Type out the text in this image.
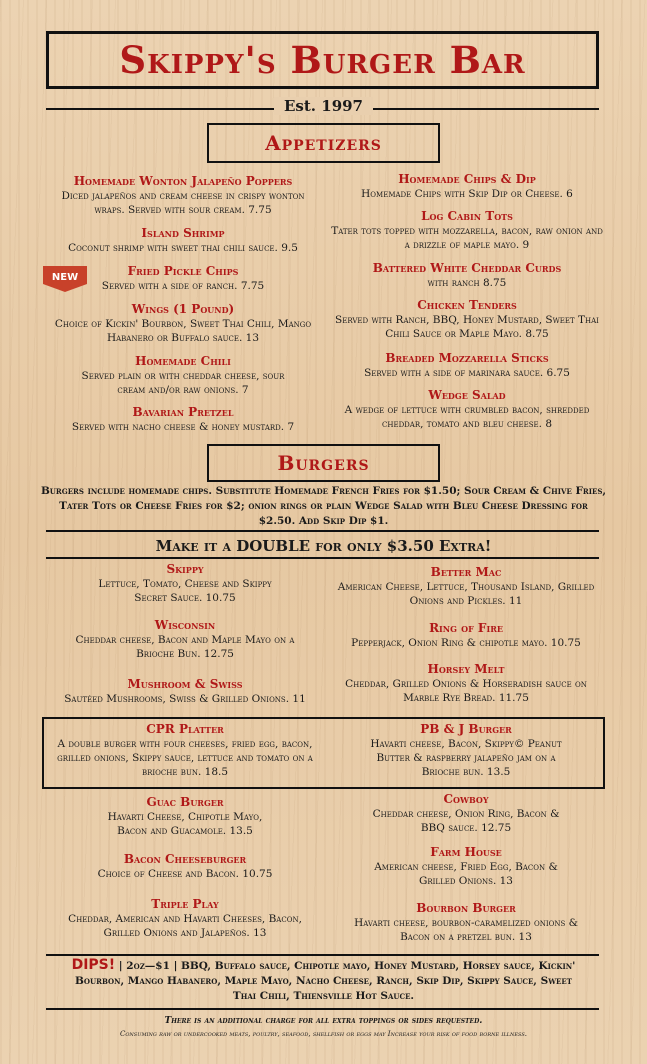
Skippy's Burger Bar
Est. 1997
Appetizers
Homemade Wonton Jalapeño Poppers
Diced jalapeños and cream cheese in crispy wonton wraps. Served with sour cream. 7.75
Island Shrimp
Coconut shrimp with sweet thai chili sauce. 9.5
NEW	Fried Pickle Chips
Served with a side of ranch. 7.75
Wings (1 Pound)
Choice of Kickin' Bourbon, Sweet Thai Chili, Mango Habanero or Buffalo sauce. 13
Homemade Chili
Served plain or with cheddar cheese, sour cream and/or raw onions. 7
Bavarian Pretzel
Served with nacho cheese & honey mustard. 7
Homemade Chips & Dip
Homemade Chips with Skip Dip or Cheese. 6
Log Cabin Tots
Tater tots topped with mozzarella, bacon, raw onion and a drizzle of maple mayo. 9
Battered White Cheddar Curds
with ranch 8.75
Chicken Tenders
Served with Ranch, BBQ, Honey Mustard, Sweet Thai Chili Sauce or Maple Mayo. 8.75
Breaded Mozzarella Sticks
Served with a side of marinara sauce. 6.75
Wedge Salad
A wedge of lettuce with crumbled bacon, shredded cheddar, tomato and bleu cheese. 8
Burgers
Burgers include homemade chips. Substitute Homemade French Fries for $1.50; Sour Cream & Chive Fries, Tater Tots or Cheese Fries for $2; onion rings or plain Wedge Salad with Bleu Cheese Dressing for $2.50. Add Skip Dip $1.
Make it a DOUBLE for only $3.50 Extra!
Skippy
Lettuce, Tomato, Cheese and Skippy Secret Sauce. 10.75
Wisconsin
Cheddar cheese, Bacon and Maple Mayo on a Brioche Bun. 12.75
Mushroom & Swiss
Sautéed Mushrooms, Swiss & Grilled Onions. 11
CPR Platter
A double burger with four cheeses, fried egg, bacon, grilled onions, Skippy sauce, lettuce and tomato on a brioche bun. 18.5
PB & J Burger
Havarti cheese, Bacon, Skippy© Peanut Butter & raspberry jalapeño jam on a Brioche bun. 13.5
Guac Burger
Havarti Cheese, Chipotle Mayo, Bacon and Guacamole. 13.5
Bacon Cheeseburger
Choice of Cheese and Bacon. 10.75
Triple Play
Cheddar, American and Havarti Cheeses, Bacon, Grilled Onions and Jalapeños. 13
Better Mac
American Cheese, Lettuce, Thousand Island, Grilled Onions and Pickles. 11
Ring of Fire
Pepperjack, Onion Ring & chipotle mayo. 10.75
Horsey Melt
Cheddar, Grilled Onions & Horseradish sauce on Marble Rye Bread. 11.75
Cowboy
Cheddar cheese, Onion Ring, Bacon & BBQ sauce. 12.75
Farm House
American cheese, Fried Egg, Bacon & Grilled Onions. 13
Bourbon Burger
Havarti cheese, bourbon-caramelized onions & Bacon on a pretzel bun. 13
DIPS! | 2oz—$1 | BBQ, Buffalo sauce, Chipotle mayo, Honey Mustard, Horsey sauce, Kickin' Bourbon, Mango Habanero, Maple Mayo, Nacho Cheese, Ranch, Skip Dip, Skippy Sauce, Sweet Thai Chili, Thiensville Hot Sauce.
There is an additional charge for all extra toppings or sides requested.
Consuming raw or undercooked meats, poultry, seafood, shellfish or eggs may Increase your risk of food borne illness.
